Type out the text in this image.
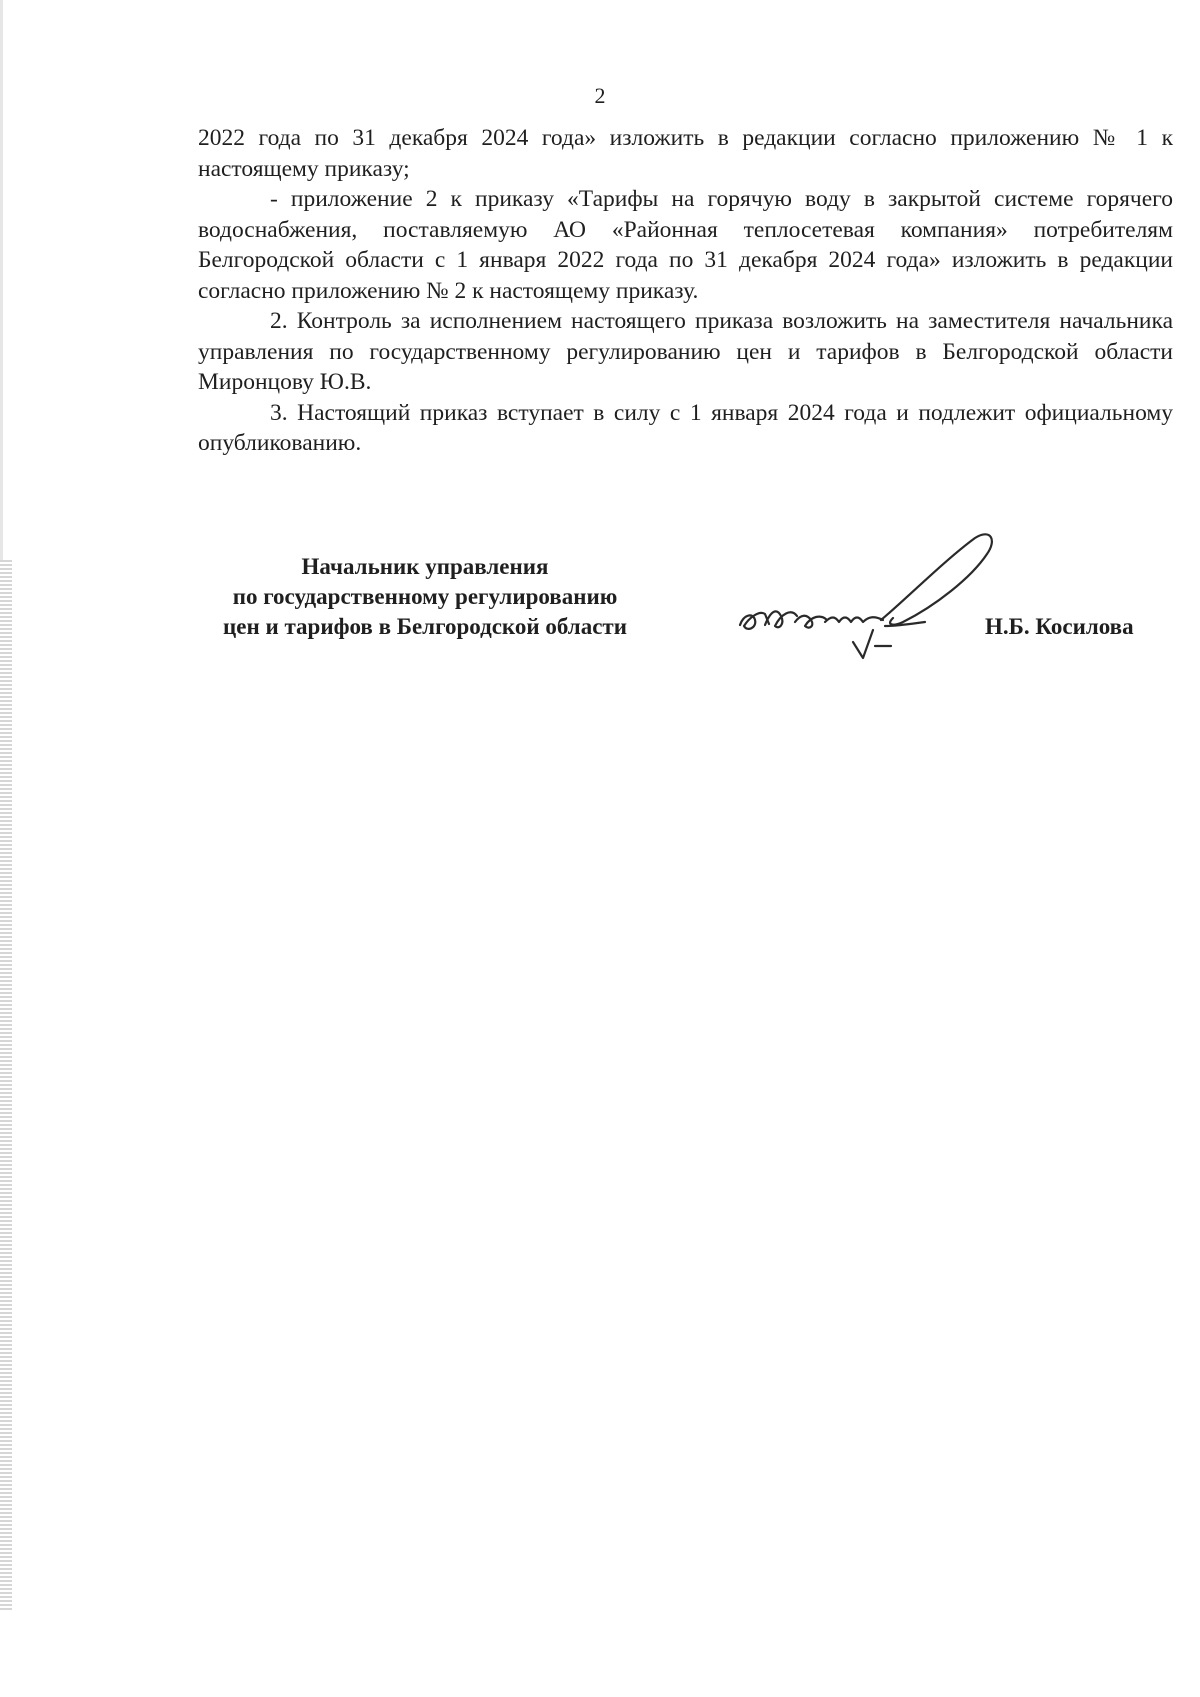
2

2022 года по 31 декабря 2024 года» изложить в редакции согласно приложению № 1 к настоящему приказу;

- приложение 2 к приказу «Тарифы на горячую воду в закрытой системе горячего водоснабжения, поставляемую АО «Районная теплосетевая компания» потребителям Белгородской области с 1 января 2022 года по 31 декабря 2024 года» изложить в редакции согласно приложению № 2 к настоящему приказу.

2. Контроль за исполнением настоящего приказа возложить на заместителя начальника управления по государственному регулированию цен и тарифов в Белгородской области Миронцову Ю.В.

3. Настоящий приказ вступает в силу с 1 января 2024 года и подлежит официальному опубликованию.

Начальник управления
по государственному регулированию
цен и тарифов в Белгородской области	Н.Б. Косилова
